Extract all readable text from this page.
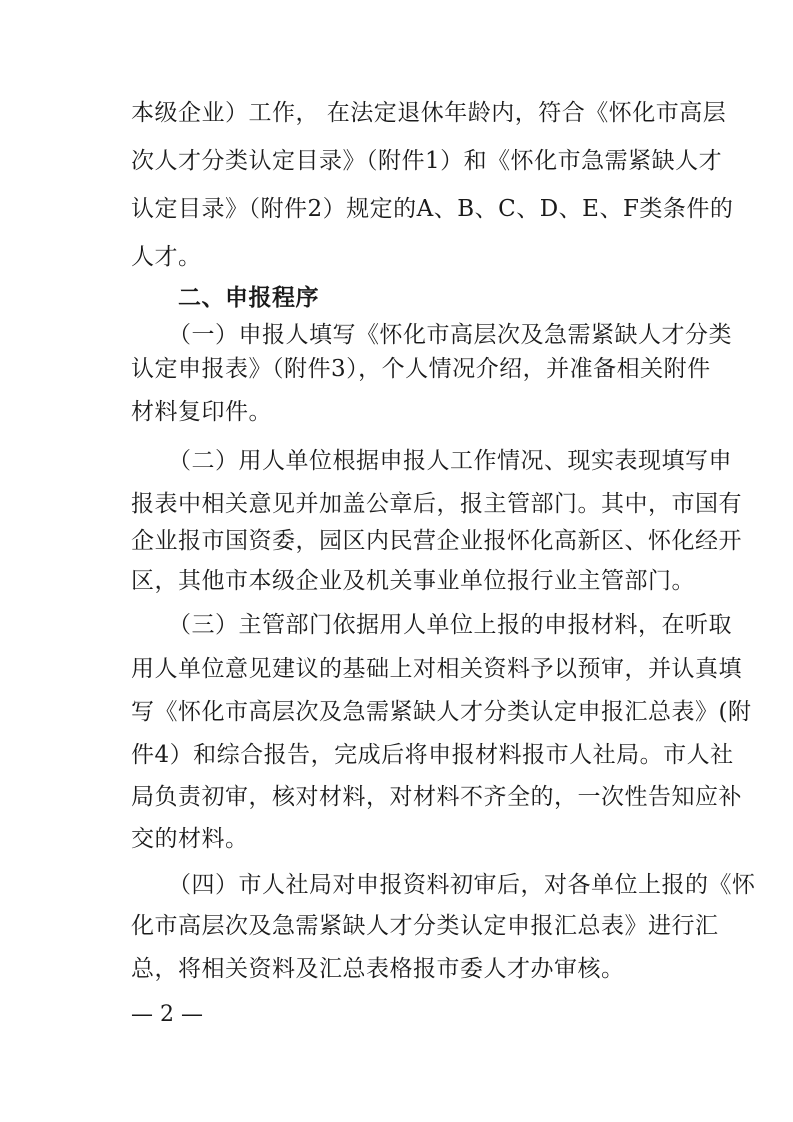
本级企业）工作， 在法定退休年龄内，符合《怀化市高层
次人才分类认定目录》（附件1）和《怀化市急需紧缺人才
认定目录》（附件2）规定的A、B、C、D、E、F类条件的
人才。
二、申报程序
（一）申报人填写《怀化市高层次及急需紧缺人才分类
认定申报表》（附件3），个人情况介绍，并准备相关附件
材料复印件。
（二）用人单位根据申报人工作情况、现实表现填写申
报表中相关意见并加盖公章后，报主管部门。其中，市国有
企业报市国资委，园区内民营企业报怀化高新区、怀化经开
区，其他市本级企业及机关事业单位报行业主管部门。
（三）主管部门依据用人单位上报的申报材料，在听取
用人单位意见建议的基础上对相关资料予以预审，并认真填
写《怀化市高层次及急需紧缺人才分类认定申报汇总表》(附
件4）和综合报告，完成后将申报材料报市人社局。市人社
局负责初审，核对材料，对材料不齐全的，一次性告知应补
交的材料。
（四）市人社局对申报资料初审后，对各单位上报的《怀
化市高层次及急需紧缺人才分类认定申报汇总表》进行汇
总，将相关资料及汇总表格报市委人才办审核。
— 2 —
